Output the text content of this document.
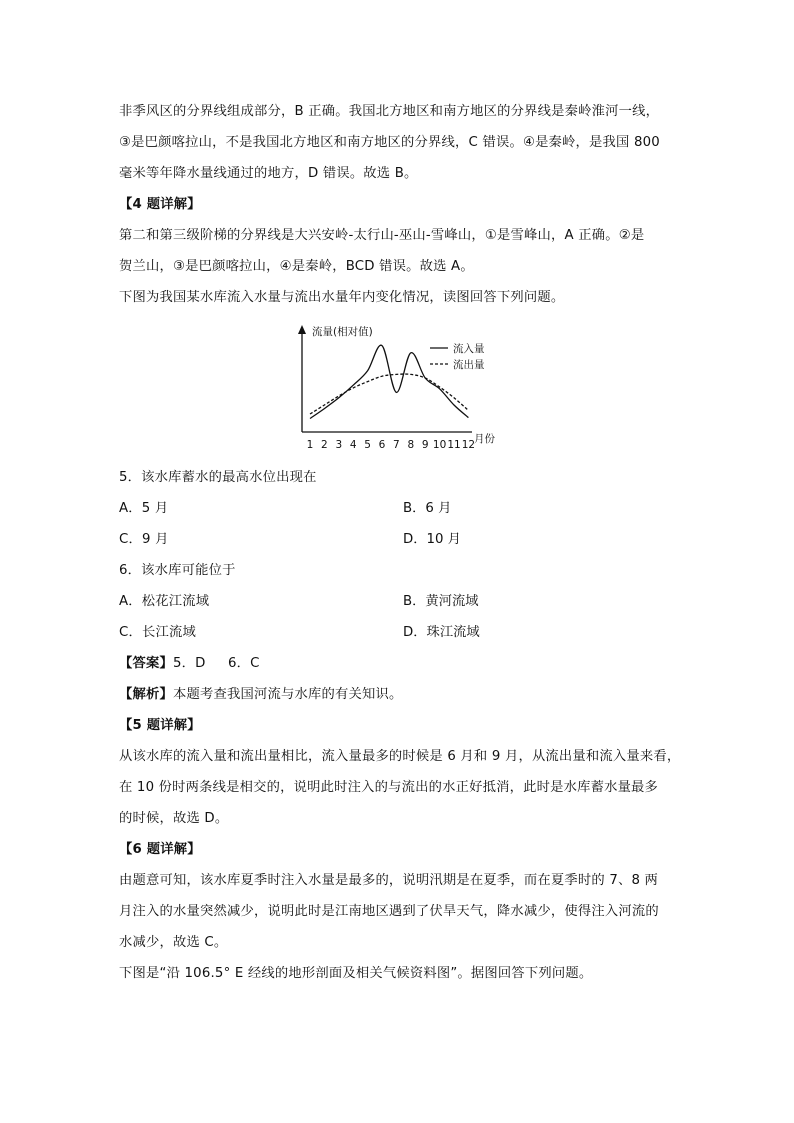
非季风区的分界线组成部分，B 正确。我国北方地区和南方地区的分界线是秦岭淮河一线，
③是巴颜喀拉山，不是我国北方地区和南方地区的分界线，C 错误。④是秦岭，是我国 800
毫米等年降水量线通过的地方，D 错误。故选 B。
【4 题详解】
第二和第三级阶梯的分界线是大兴安岭-太行山-巫山-雪峰山，①是雪峰山，A 正确。②是
贺兰山，③是巴颜喀拉山，④是秦岭，BCD 错误。故选 A。
下图为我国某水库流入水量与流出水量年内变化情况，读图回答下列问题。
1 2 3 4 5 6 7 8 9 10 11 12
流入量
流出量
流量(相对值)
月份
5．该水库蓄水的最高水位出现在
A．5 月	B．6 月
C．9 月	D．10 月
6．该水库可能位于
A．松花江流域	B．黄河流域
C．长江流域	D．珠江流域
【答案】5．D　  6．C
【解析】本题考查我国河流与水库的有关知识。
【5 题详解】
从该水库的流入量和流出量相比，流入量最多的时候是 6 月和 9 月，从流出量和流入量来看，
在 10 份时两条线是相交的，说明此时注入的与流出的水正好抵消，此时是水库蓄水量最多
的时候，故选 D。
【6 题详解】
由题意可知，该水库夏季时注入水量是最多的，说明汛期是在夏季，而在夏季时的 7、8 两
月注入的水量突然减少，说明此时是江南地区遇到了伏旱天气，降水减少，使得注入河流的
水减少，故选 C。
下图是“沿 106.5° E 经线的地形剖面及相关气候资料图”。据图回答下列问题。
